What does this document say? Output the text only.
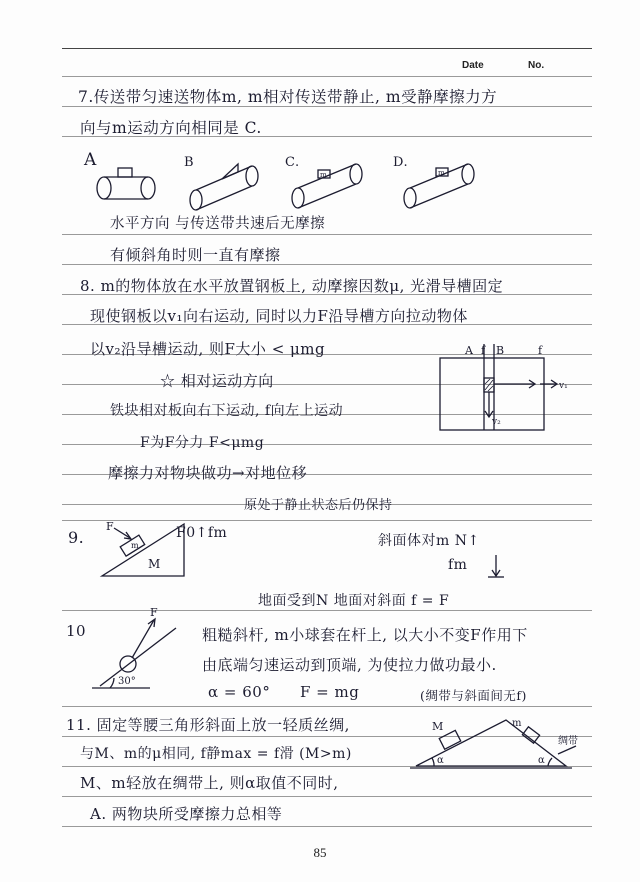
Date	No.
7.传送带匀速送物体m, m相对传送带静止, m受静摩擦力方
向与m运动方向相同是 C.
A	B	C.
m
D.
m
水平方向 与传送带共速后无摩擦
有倾斜角时则一直有摩擦
8. m的物体放在水平放置钢板上, 动摩擦因数μ, 光滑导槽固定
现使钢板以v₁向右运动, 同时以力F沿导槽方向拉动物体
以v₂沿导槽运动, 则F大小 < μmg
☆ 相对运动方向
铁块相对板向右下运动, f向左上运动
F为F分力 F<μmg
摩擦力对物块做功→对地位移
原处于静止状态后仍保持
A f B	f
v₁
v₂
9.
F
m
M
F0↑fm	斜面体对m N↑
fm
地面受到N 地面对斜面 f = F
10
F
30°
粗糙斜杆, m小球套在杆上, 以大小不变F作用下
由底端匀速运动到顶端, 为使拉力做功最小.
α = 60° F = mg	(绸带与斜面间无f)
11. 固定等腰三角形斜面上放一轻质丝绸,
与M、m的μ相同, f静max = f滑 (M>m)
M、m轻放在绸带上, 则α取值不同时,
A. 两物块所受摩擦力总相等
M	m
α	α
绸带
85
